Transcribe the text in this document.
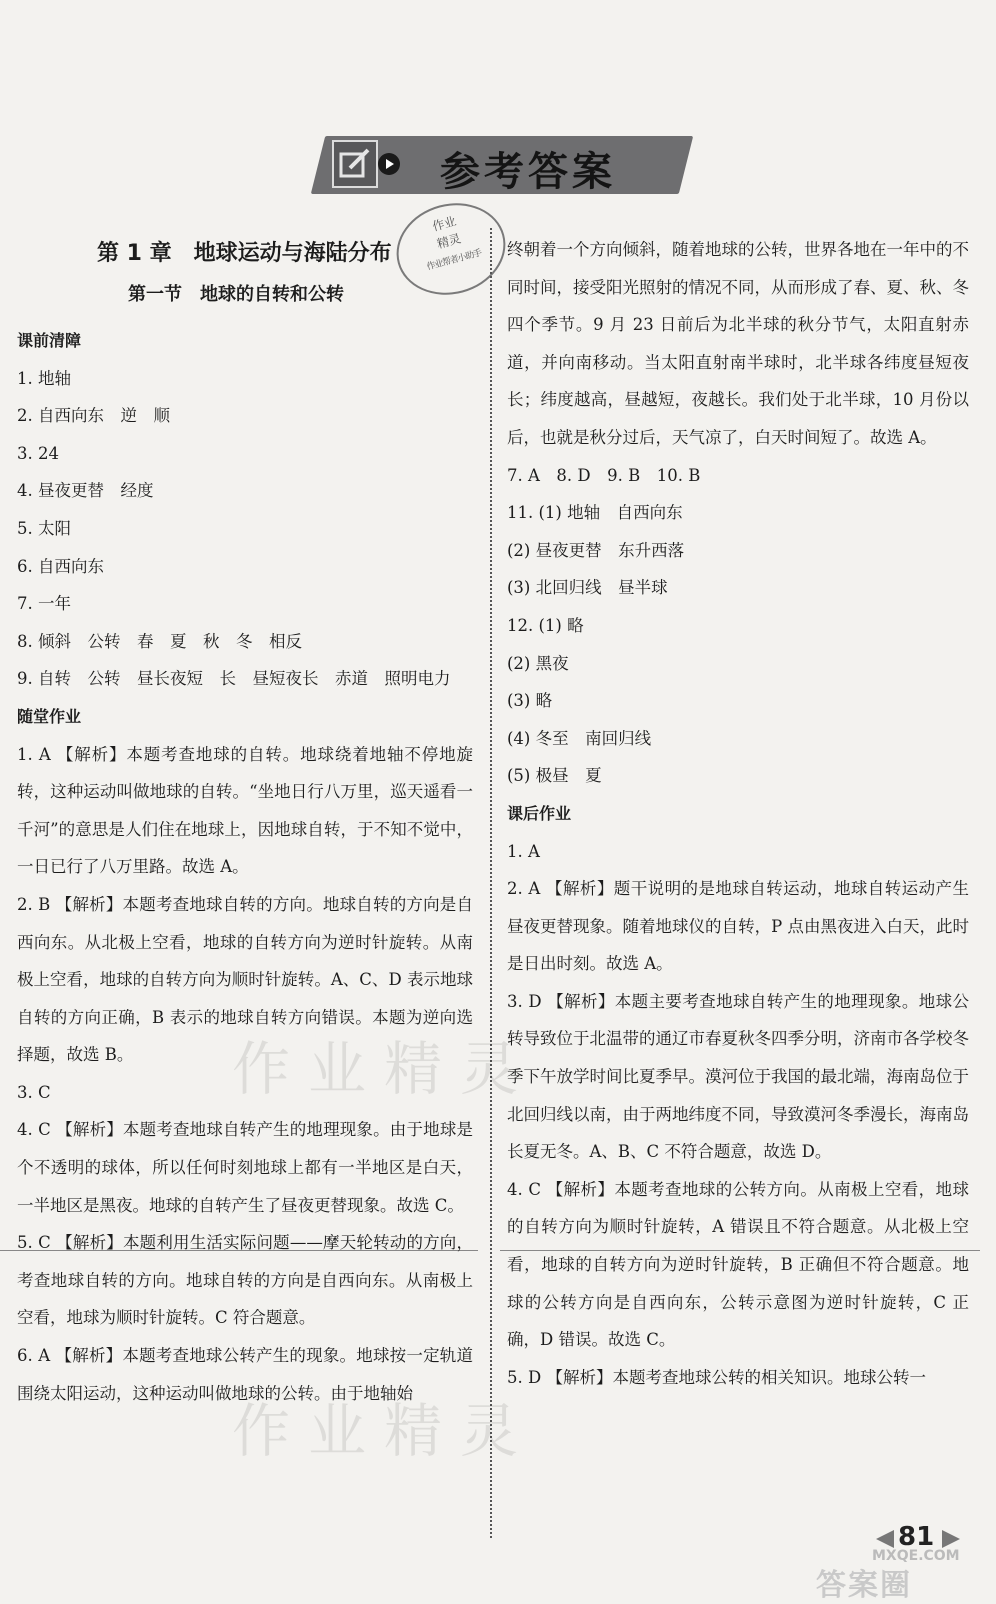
参考答案
作业
精灵
作业帮者小助手
第 1 章　地球运动与海陆分布
第一节　地球的自转和公转
作业精灵
作业精灵

课前清障

1. 地轴

2. 自西向东　逆　顺

3. 24

4. 昼夜更替　经度

5. 太阳

6. 自西向东

7. 一年

8. 倾斜　公转　春　夏　秋　冬　相反

9. 自转　公转　昼长夜短　长　昼短夜长　赤道　照明电力

随堂作业

1. A 【解析】本题考查地球的自转。地球绕着地轴不停地旋转，这种运动叫做地球的自转。“坐地日行八万里，巡天遥看一千河”的意思是人们住在地球上，因地球自转，于不知不觉中，一日已行了八万里路。故选 A。

2. B 【解析】本题考查地球自转的方向。地球自转的方向是自西向东。从北极上空看，地球的自转方向为逆时针旋转。从南极上空看，地球的自转方向为顺时针旋转。A、C、D 表示地球自转的方向正确，B 表示的地球自转方向错误。本题为逆向选择题，故选 B。

3. C

4. C 【解析】本题考查地球自转产生的地理现象。由于地球是个不透明的球体，所以任何时刻地球上都有一半地区是白天，一半地区是黑夜。地球的自转产生了昼夜更替现象。故选 C。

5. C 【解析】本题利用生活实际问题——摩天轮转动的方向，考查地球自转的方向。地球自转的方向是自西向东。从南极上空看，地球为顺时针旋转。C 符合题意。

6. A 【解析】本题考查地球公转产生的现象。地球按一定轨道围绕太阳运动，这种运动叫做地球的公转。由于地轴始

终朝着一个方向倾斜，随着地球的公转，世界各地在一年中的不同时间，接受阳光照射的情况不同，从而形成了春、夏、秋、冬四个季节。9 月 23 日前后为北半球的秋分节气，太阳直射赤道，并向南移动。当太阳直射南半球时，北半球各纬度昼短夜长；纬度越高，昼越短，夜越长。我们处于北半球，10 月份以后，也就是秋分过后，天气凉了，白天时间短了。故选 A。

7. A　8. D　9. B　10. B

11. (1) 地轴　自西向东

(2) 昼夜更替　东升西落

(3) 北回归线　昼半球

12. (1) 略

(2) 黑夜

(3) 略

(4) 冬至　南回归线

(5) 极昼　夏

课后作业

1. A

2. A 【解析】题干说明的是地球自转运动，地球自转运动产生昼夜更替现象。随着地球仪的自转，P 点由黑夜进入白天，此时是日出时刻。故选 A。

3. D 【解析】本题主要考查地球自转产生的地理现象。地球公转导致位于北温带的通辽市春夏秋冬四季分明，济南市各学校冬季下午放学时间比夏季早。漠河位于我国的最北端，海南岛位于北回归线以南，由于两地纬度不同，导致漠河冬季漫长，海南岛长夏无冬。A、B、C 不符合题意，故选 D。

4. C 【解析】本题考查地球的公转方向。从南极上空看，地球的自转方向为顺时针旋转，A 错误且不符合题意。从北极上空看，地球的自转方向为逆时针旋转，B 正确但不符合题意。地球的公转方向是自西向东，公转示意图为逆时针旋转，C 正确，D 错误。故选 C。

5. D 【解析】本题考查地球公转的相关知识。地球公转一

81
MXQE.COM
答案圈
